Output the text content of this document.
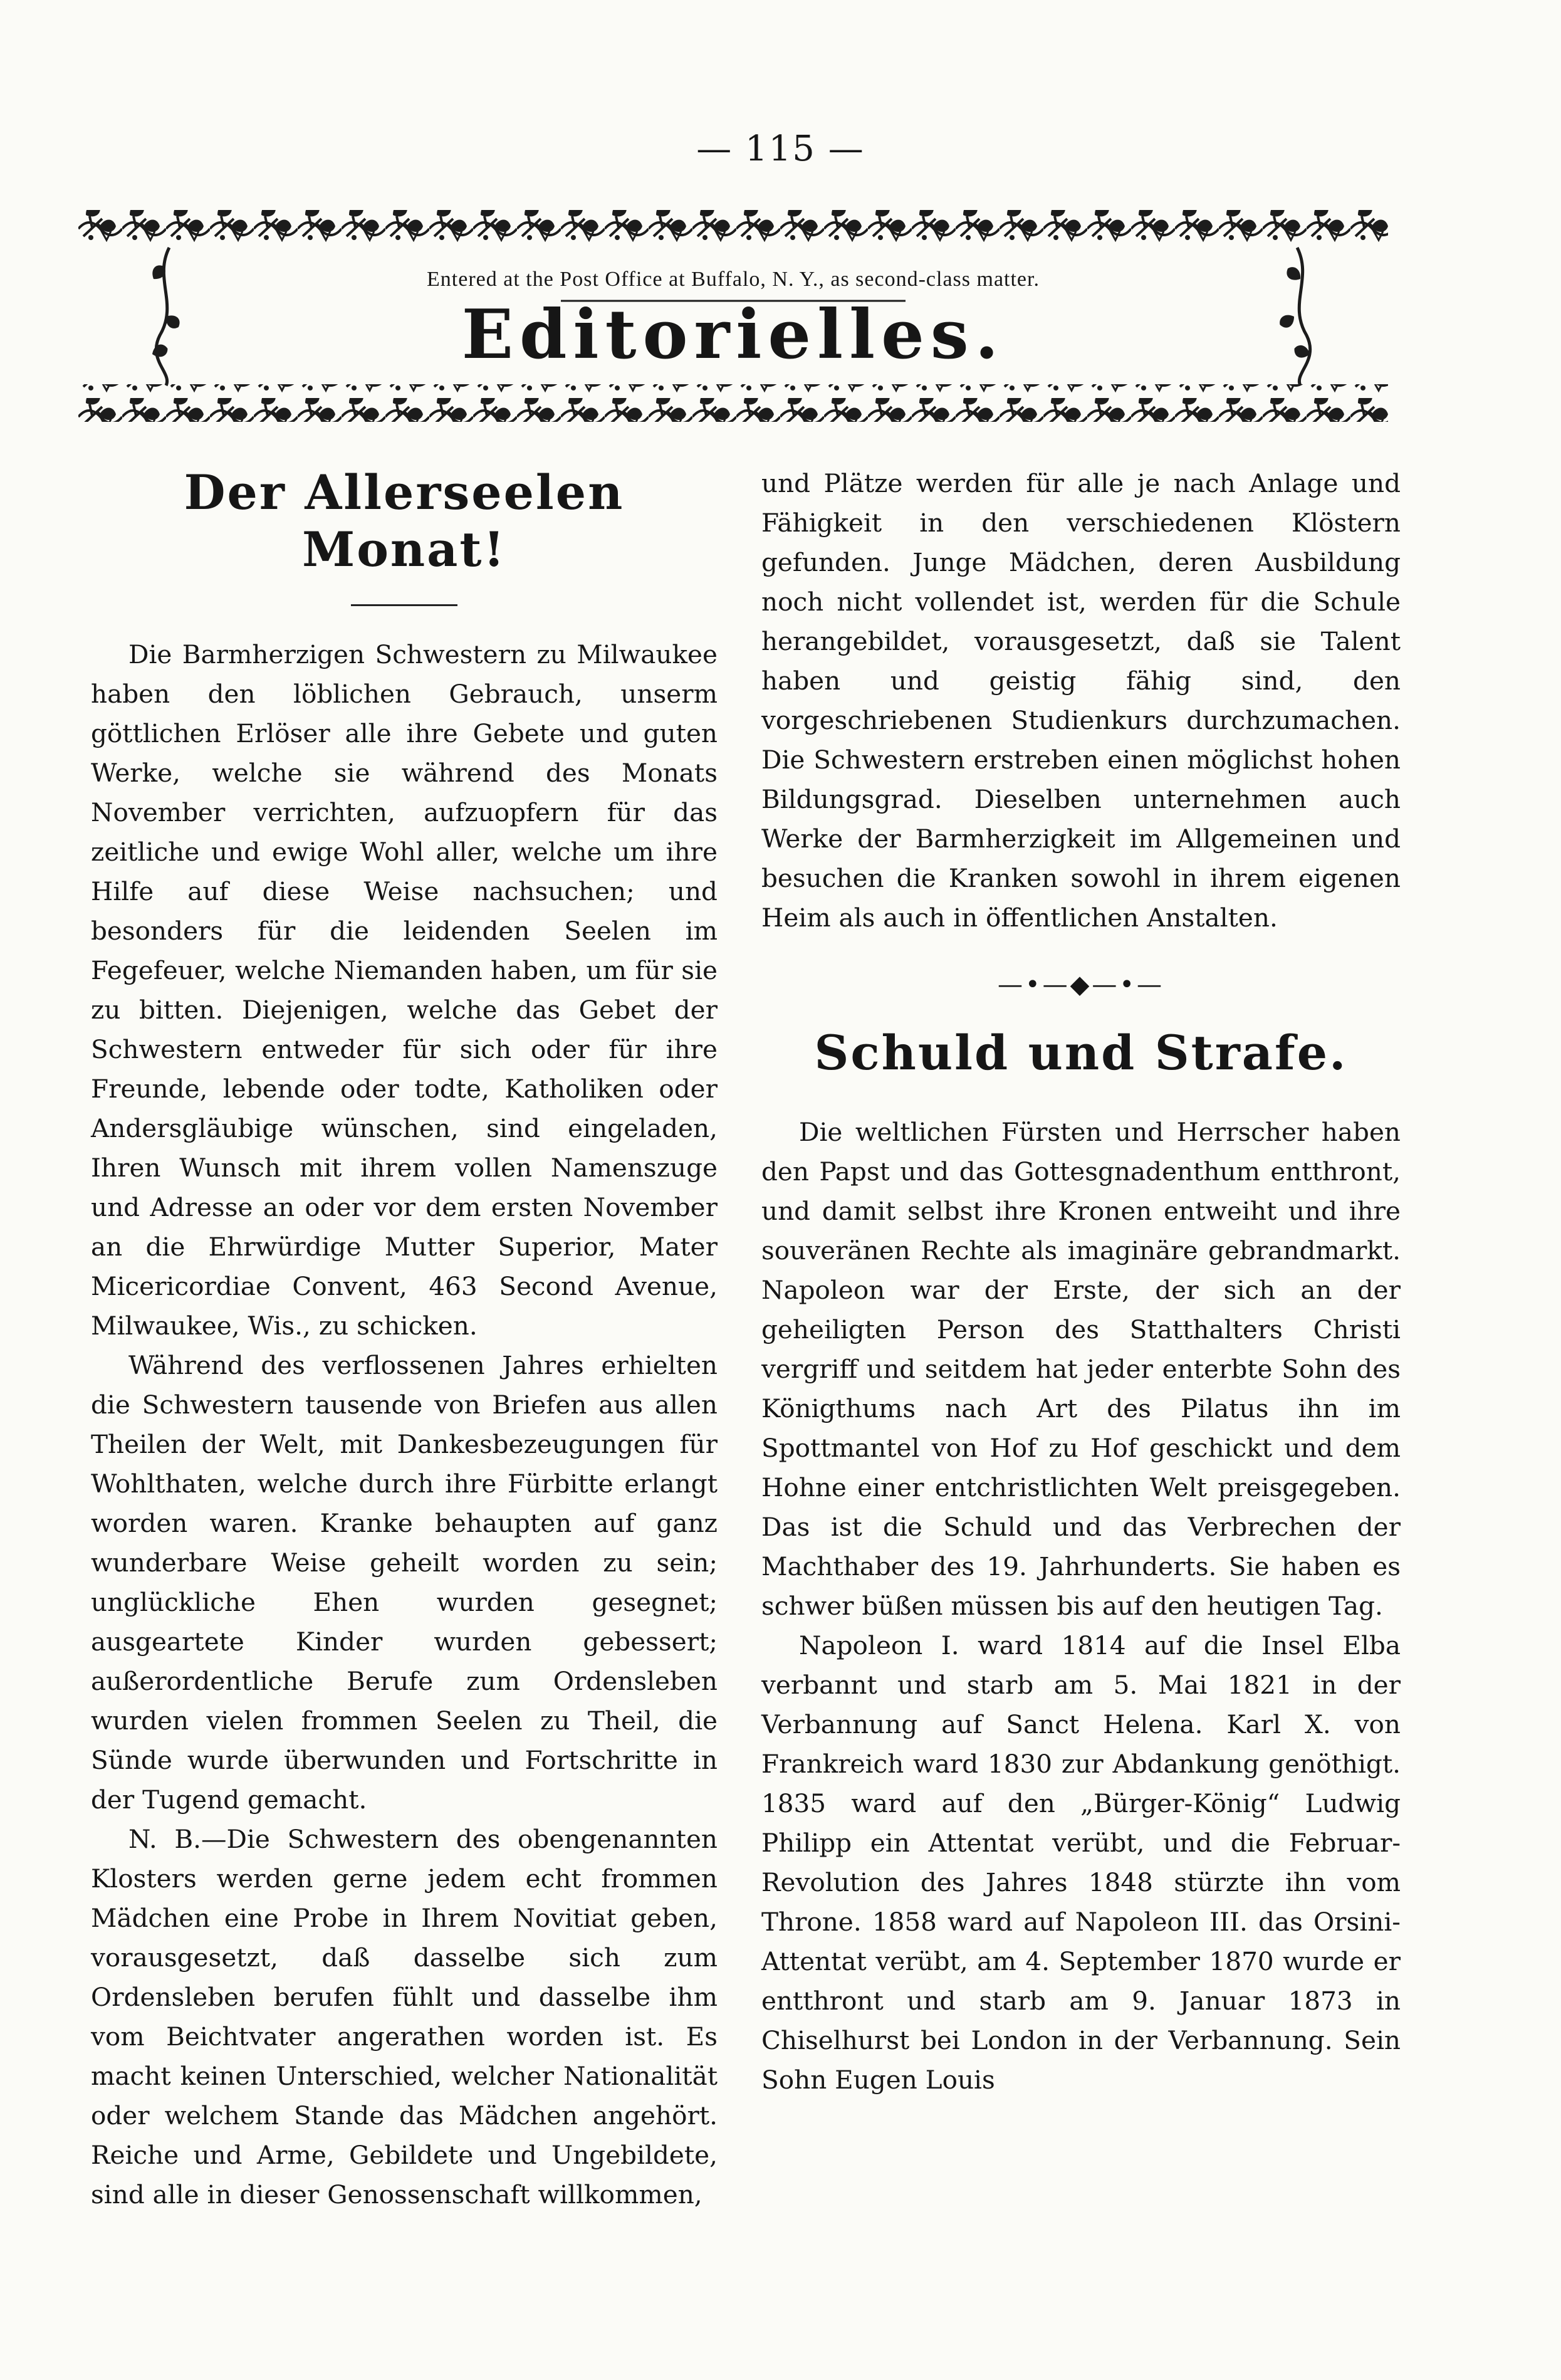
— 115 —
Entered at the Post Office at Buffalo, N. Y., as second-class matter.
Editorielles.
Der Allerseelen Monat!

Die Barmherzigen Schwestern zu Milwaukee haben den löblichen Gebrauch, unserm göttlichen Erlöser alle ihre Gebete und guten Werke, welche sie während des Monats November verrichten, aufzuopfern für das zeitliche und ewige Wohl aller, welche um ihre Hilfe auf diese Weise nachsuchen; und besonders für die leidenden Seelen im Fegefeuer, welche Niemanden haben, um für sie zu bitten. Diejenigen, welche das Gebet der Schwestern entweder für sich oder für ihre Freunde, lebende oder todte, Katholiken oder Andersgläubige wünschen, sind eingeladen, Ihren Wunsch mit ihrem vollen Namenszuge und Adresse an oder vor dem ersten November an die Ehrwürdige Mutter Superior, Mater Micericordiae Convent, 463 Second Avenue, Milwaukee, Wis., zu schicken.

Während des verflossenen Jahres erhielten die Schwestern tausende von Briefen aus allen Theilen der Welt, mit Dankesbezeugungen für Wohlthaten, welche durch ihre Fürbitte erlangt worden waren. Kranke behaupten auf ganz wunderbare Weise geheilt worden zu sein; unglückliche Ehen wurden gesegnet; ausgeartete Kinder wurden gebessert; außerordentliche Berufe zum Ordensleben wurden vielen frommen Seelen zu Theil, die Sünde wurde überwunden und Fortschritte in der Tugend gemacht.

N. B.—Die Schwestern des obengenannten Klosters werden gerne jedem echt frommen Mädchen eine Probe in Ihrem Novitiat geben, vorausgesetzt, daß dasselbe sich zum Ordensleben berufen fühlt und dasselbe ihm vom Beichtvater angerathen worden ist. Es macht keinen Unterschied, welcher Nationalität oder welchem Stande das Mädchen angehört. Reiche und Arme, Gebildete und Ungebildete, sind alle in dieser Genossenschaft willkommen,

und Plätze werden für alle je nach Anlage und Fähigkeit in den verschiedenen Klöstern gefunden. Junge Mädchen, deren Ausbildung noch nicht vollendet ist, werden für die Schule herangebildet, vorausgesetzt, daß sie Talent haben und geistig fähig sind, den vorgeschriebenen Studienkurs durchzumachen. Die Schwestern erstreben einen möglichst hohen Bildungsgrad. Dieselben unternehmen auch Werke der Barmherzigkeit im Allgemeinen und besuchen die Kranken sowohl in ihrem eigenen Heim als auch in öffentlichen Anstalten.

—•—◆—•—
Schuld und Strafe.

Die weltlichen Fürsten und Herrscher haben den Papst und das Gottesgnadenthum entthront, und damit selbst ihre Kronen entweiht und ihre souveränen Rechte als imaginäre gebrandmarkt. Napoleon war der Erste, der sich an der geheiligten Person des Statthalters Christi vergriff und seitdem hat jeder enterbte Sohn des Königthums nach Art des Pilatus ihn im Spottmantel von Hof zu Hof geschickt und dem Hohne einer entchristlichten Welt preisgegeben. Das ist die Schuld und das Verbrechen der Machthaber des 19. Jahrhunderts. Sie haben es schwer büßen müssen bis auf den heutigen Tag.

Napoleon I. ward 1814 auf die Insel Elba verbannt und starb am 5. Mai 1821 in der Verbannung auf Sanct Helena. Karl X. von Frankreich ward 1830 zur Abdankung genöthigt. 1835 ward auf den „Bürger-König“ Ludwig Philipp ein Attentat verübt, und die Februar-Revolution des Jahres 1848 stürzte ihn vom Throne. 1858 ward auf Napoleon III. das Orsini-Attentat verübt, am 4. September 1870 wurde er entthront und starb am 9. Januar 1873 in Chiselhurst bei London in der Verbannung. Sein Sohn Eugen Louis
